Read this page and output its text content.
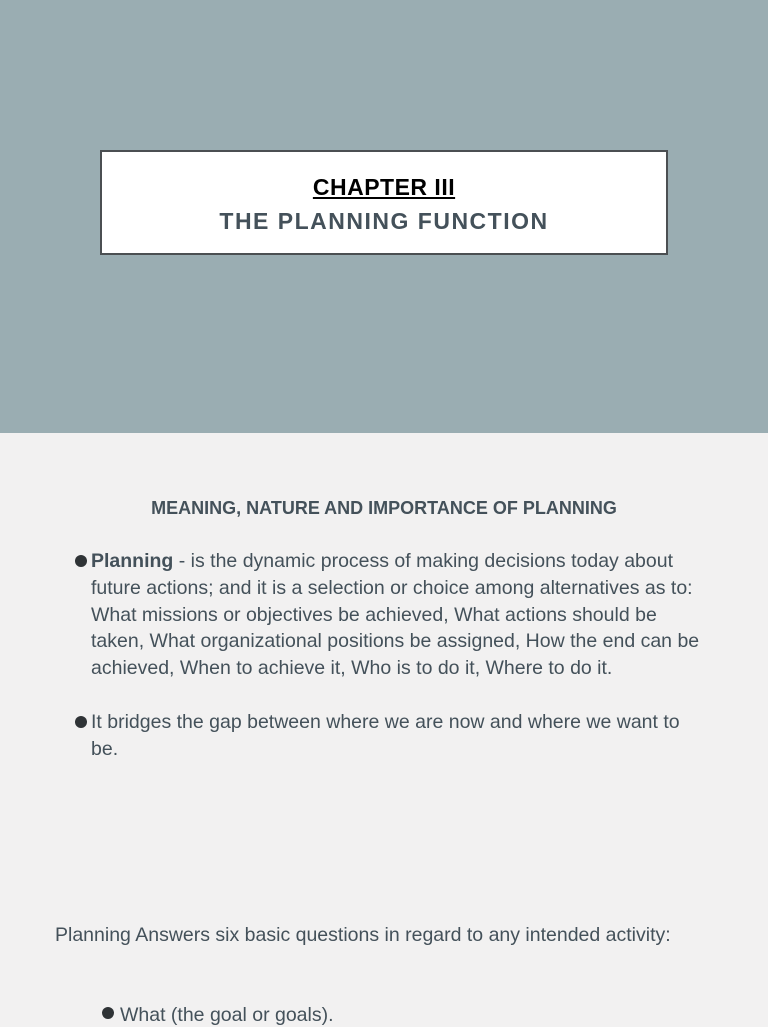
CHAPTER III
THE PLANNING FUNCTION
MEANING, NATURE AND IMPORTANCE OF PLANNING
Planning - is the dynamic process of making decisions today about future actions; and it is a selection or choice among alternatives as to: What missions or objectives be achieved, What actions should be taken, What organizational positions be assigned, How the end can be achieved, When to achieve it, Who is to do it, Where to do it.
It bridges the gap between where we are now and where we want to be.
Planning Answers six basic questions in regard to any intended activity:
What (the goal or goals).
